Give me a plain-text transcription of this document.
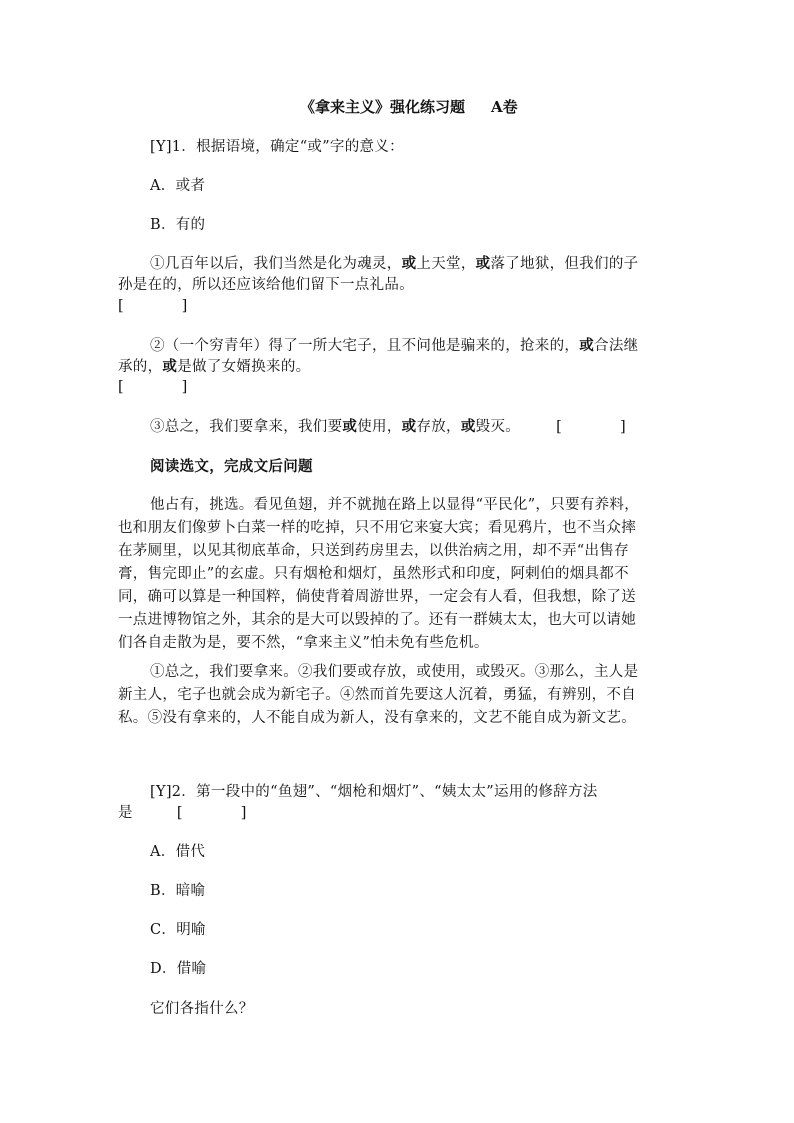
《拿来主义》强化练习题 A卷
[Y]1．根据语境，确定“或”字的意义：
A．或者
B．有的
①几百年以后，我们当然是化为魂灵，或上天堂，或落了地狱，但我们的子
孙是在的，所以还应该给他们留下一点礼品。
[	]
②（一个穷青年）得了一所大宅子，且不问他是骗来的，抢来的，或合法继
承的，或是做了女婿换来的。
[	]
③总之，我们要拿来，我们要或使用，或存放，或毁灭。 [	]
阅读选文，完成文后问题
他占有，挑选。看见鱼翅，并不就抛在路上以显得“平民化”，只要有养料，
也和朋友们像萝卜白菜一样的吃掉，只不用它来宴大宾；看见鸦片，也不当众摔
在茅厕里，以见其彻底革命，只送到药房里去，以供治病之用，却不弄“出售存
膏，售完即止”的玄虚。只有烟枪和烟灯，虽然形式和印度，阿剌伯的烟具都不
同，确可以算是一种国粹，倘使背着周游世界，一定会有人看，但我想，除了送
一点进博物馆之外，其余的是大可以毁掉的了。还有一群姨太太，也大可以请她
们各自走散为是，要不然，“拿来主义”怕未免有些危机。
①总之，我们要拿来。②我们要或存放，或使用，或毁灭。③那么，主人是
新主人，宅子也就会成为新宅子。④然而首先要这人沉着，勇猛，有辨别，不自
私。⑤没有拿来的，人不能自成为新人，没有拿来的，文艺不能自成为新文艺。
[Y]2．第一段中的“鱼翅”、“烟枪和烟灯”、“姨太太”运用的修辞方法
是	[	]
A．借代
B．暗喻
C．明喻
D．借喻
它们各指什么？
